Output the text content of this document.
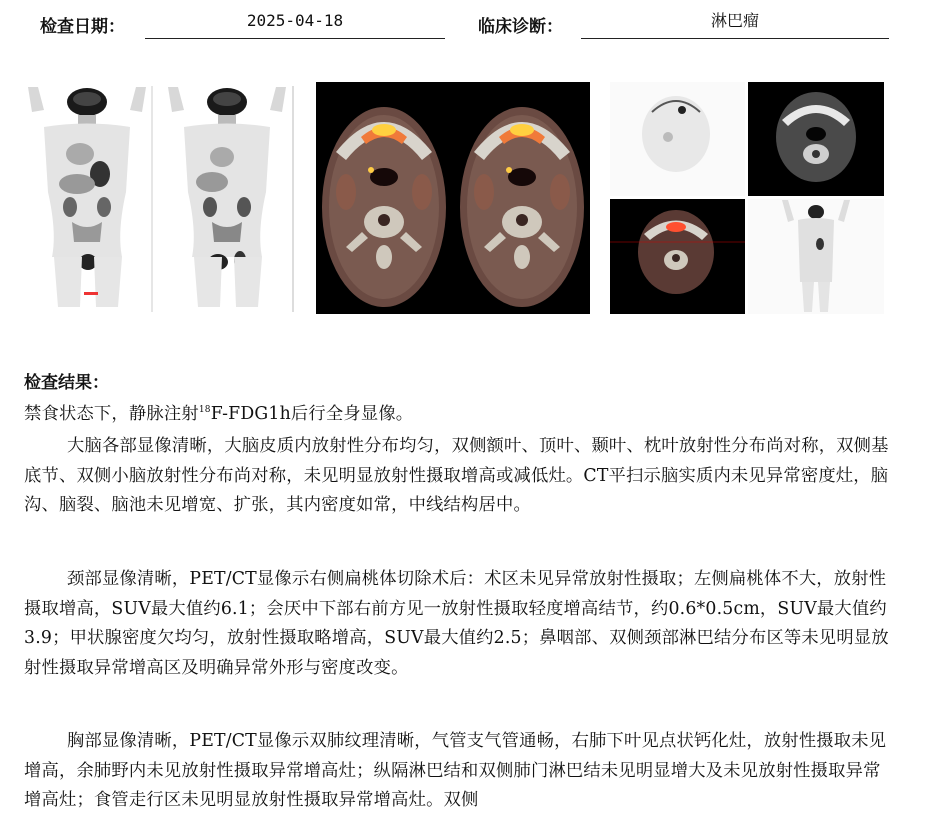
检查日期：	2025-04-18	临床诊断：	淋巴瘤
检查结果：

禁食状态下，静脉注射$^{18}$F-FDG1h后行全身显像。

大脑各部显像清晰，大脑皮质内放射性分布均匀，双侧额叶、顶叶、颞叶、枕叶放射性分布尚对称，双侧基底节、双侧小脑放射性分布尚对称，未见明显放射性摄取增高或减低灶。CT平扫示脑实质内未见异常密度灶，脑沟、脑裂、脑池未见增宽、扩张，其内密度如常，中线结构居中。

颈部显像清晰，PET/CT显像示右侧扁桃体切除术后：术区未见异常放射性摄取；左侧扁桃体不大，放射性摄取增高，SUV最大值约6.1；会厌中下部右前方见一放射性摄取轻度增高结节，约0.6*0.5cm，SUV最大值约3.9；甲状腺密度欠均匀，放射性摄取略增高，SUV最大值约2.5；鼻咽部、双侧颈部淋巴结分布区等未见明显放射性摄取异常增高区及明确异常外形与密度改变。

胸部显像清晰，PET/CT显像示双肺纹理清晰，气管支气管通畅，右肺下叶见点状钙化灶，放射性摄取未见增高，余肺野内未见放射性摄取异常增高灶；纵隔淋巴结和双侧肺门淋巴结未见明显增大及未见放射性摄取异常增高灶；食管走行区未见明显放射性摄取异常增高灶。双侧
